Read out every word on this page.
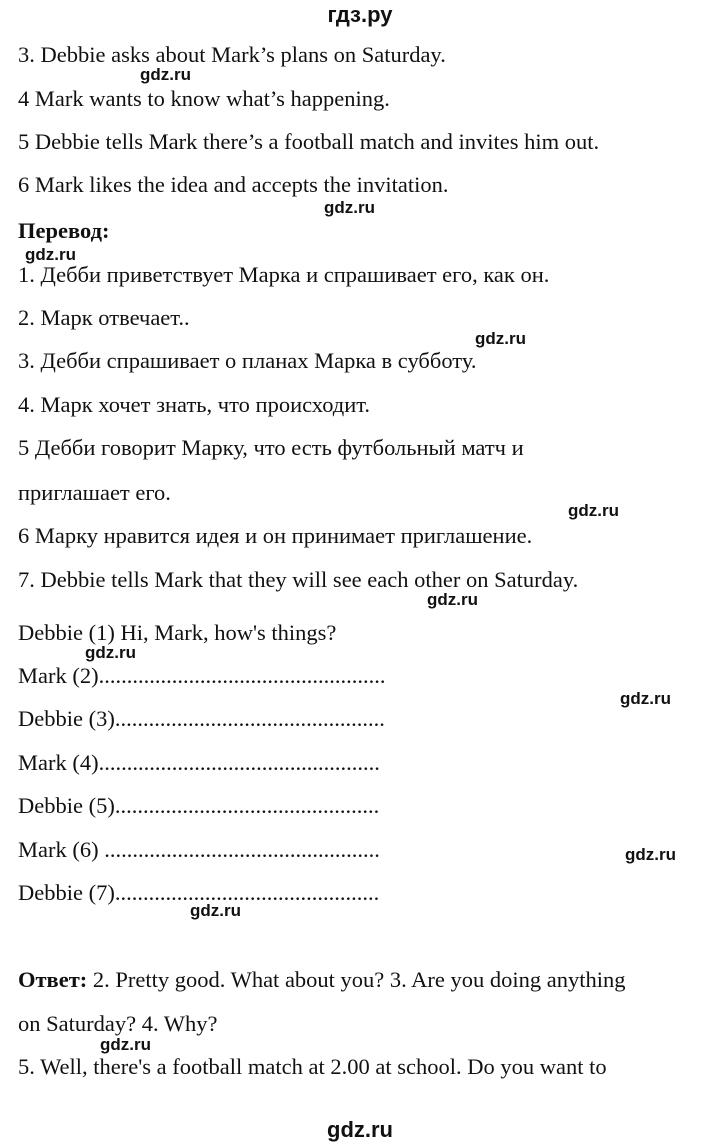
гдз.ру
3. Debbie asks about Mark’s plans on Saturday.
4 Mark wants to know what’s happening.
5 Debbie tells Mark there’s a football match and invites him out.
6 Mark likes the idea and accepts the invitation.
Перевод:
1. Дебби приветствует Марка и спрашивает его, как он.
2. Марк отвечает..
3. Дебби спрашивает о планах Марка в субботу.
4. Марк хочет знать, что происходит.
5 Дебби говорит Марку, что есть футбольный матч и
приглашает его.
6 Марку нравится идея и он принимает приглашение.
7. Debbie tells Mark that they will see each other on Saturday.
Debbie (1) Hi, Mark, how's things?
Mark (2)...................................................
Debbie (3)................................................
Mark (4)..................................................
Debbie (5)...............................................
Mark (6) .................................................
Debbie (7)...............................................
Ответ: 2. Pretty good. What about you? 3. Are you doing anything
on Saturday? 4. Why?
5. Well, there's a football match at 2.00 at school. Do you want to
gdz.ru
gdz.ru
gdz.ru
gdz.ru
gdz.ru
gdz.ru
gdz.ru
gdz.ru
gdz.ru
gdz.ru
gdz.ru
gdz.ru
